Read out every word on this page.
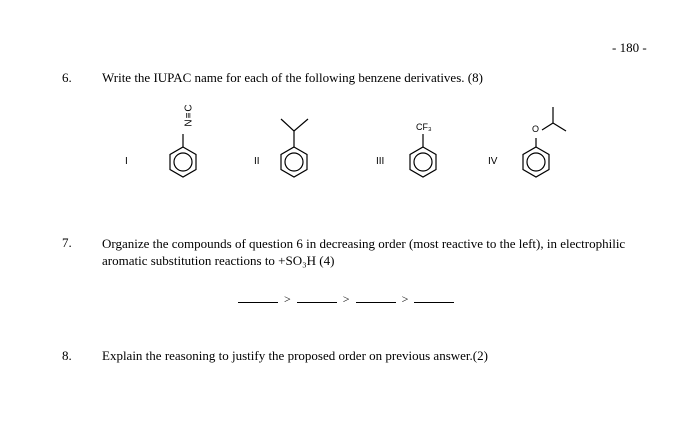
- 180 -
6. Write the IUPAC name for each of the following benzene derivatives. (8)
I	II	III	IV
N≡C
CF₃	O
7. Organize the compounds of question 6 in decreasing order (most reactive to the left), in electrophilic aromatic substitution reactions to +SO₃H (4)
>	>	>
8. Explain the reasoning to justify the proposed order on previous answer.(2)
